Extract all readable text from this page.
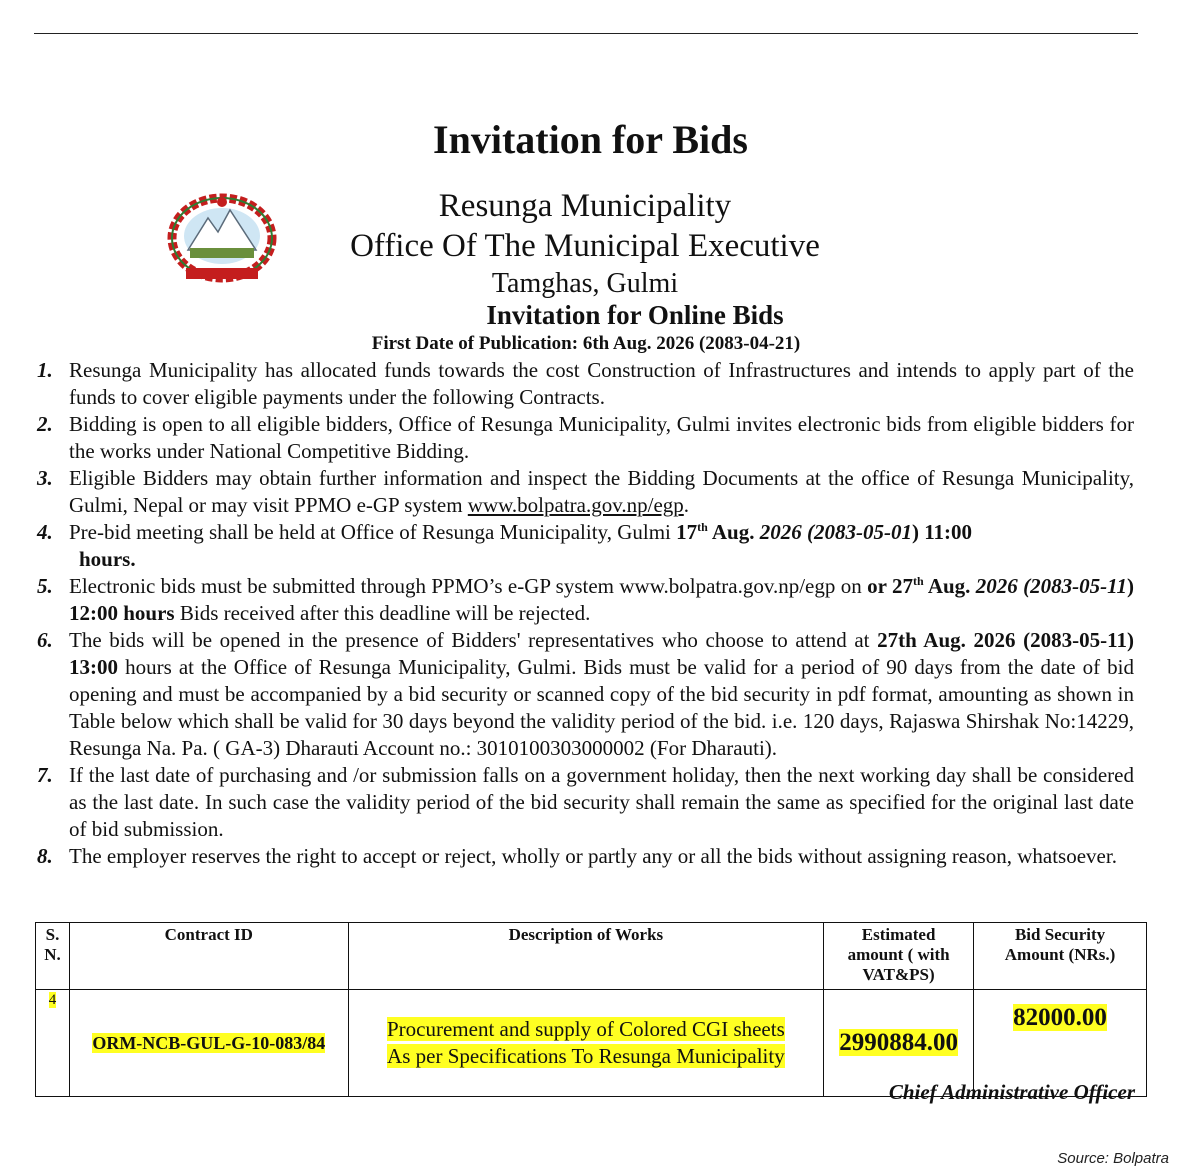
Invitation for Bids
Resunga Municipality
Office Of The Municipal Executive
Tamghas, Gulmi
Invitation for Online Bids
First Date of Publication: 6th Aug. 2026 (2083-04-21)
1. Resunga Municipality has allocated funds towards the cost Construction of Infrastructures and intends to apply part of the funds to cover eligible payments under the following Contracts.
2. Bidding is open to all eligible bidders, Office of Resunga Municipality, Gulmi invites electronic bids from eligible bidders for the works under National Competitive Bidding.
3. Eligible Bidders may obtain further information and inspect the Bidding Documents at the office of Resunga Municipality, Gulmi, Nepal or may visit PPMO e-GP system www.bolpatra.gov.np/egp.
4. Pre-bid meeting shall be held at Office of Resunga Municipality, Gulmi 17th Aug. 2026 (2083-05-01) 11:00
hours.
5. Electronic bids must be submitted through PPMO’s e-GP system www.bolpatra.gov.np/egp on or 27th Aug. 2026 (2083-05-11) 12:00 hours Bids received after this deadline will be rejected.
6. The bids will be opened in the presence of Bidders' representatives who choose to attend at 27th Aug. 2026 (2083-05-11) 13:00 hours at the Office of Resunga Municipality, Gulmi. Bids must be valid for a period of 90 days from the date of bid opening and must be accompanied by a bid security or scanned copy of the bid security in pdf format, amounting as shown in Table below which shall be valid for 30 days beyond the validity period of the bid. i.e. 120 days, Rajaswa Shirshak No:14229, Resunga Na. Pa. ( GA-3) Dharauti Account no.: 3010100303000002 (For Dharauti).
7. If the last date of purchasing and /or submission falls on a government holiday, then the next working day shall be considered as the last date. In such case the validity period of the bid security shall remain the same as specified for the original last date of bid submission.
8. The employer reserves the right to accept or reject, wholly or partly any or all the bids without assigning reason, whatsoever.
S.
N.	Contract ID	Description of Works	Estimated
amount ( with
VAT&PS)	Bid Security
Amount (NRs.)
4	ORM-NCB-GUL-G-10-083/84	Procurement and supply of Colored CGI sheets
As per Specifications To Resunga Municipality	2990884.00	82000.00
Chief Administrative Officer
Source: Bolpatra
